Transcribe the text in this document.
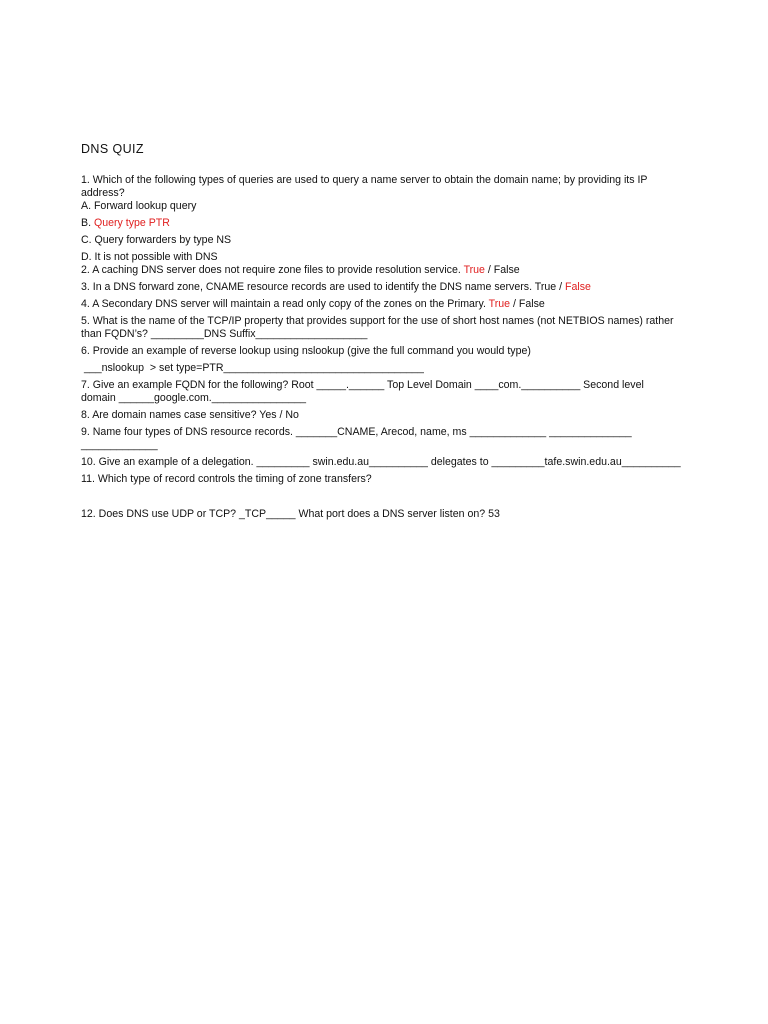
DNS QUIZ
1. Which of the following types of queries are used to query a name server to obtain the domain name; by providing its IP address?
A. Forward lookup query
B. Query type PTR
C. Query forwarders by type NS
D. It is not possible with DNS
2. A caching DNS server does not require zone files to provide resolution service. True / False
3. In a DNS forward zone, CNAME resource records are used to identify the DNS name servers. True / False
4. A Secondary DNS server will maintain a read only copy of the zones on the Primary. True / False
5. What is the name of the TCP/IP property that provides support for the use of short host names (not NETBIOS names) rather than FQDN’s? _________DNS Suffix___________________
6. Provide an example of reverse lookup using nslookup (give the full command you would type)
___nslookup  > set type=PTR__________________________________
7. Give an example FQDN for the following? Root _____.______ Top Level Domain ____com.__________ Second level domain ______google.com.________________
8. Are domain names case sensitive? Yes / No
9. Name four types of DNS resource records. _______CNAME, Arecod, name, ms _____________ ______________ _____________
10. Give an example of a delegation. _________ swin.edu.au__________ delegates to _________tafe.swin.edu.au__________
11. Which type of record controls the timing of zone transfers?
12. Does DNS use UDP or TCP? _TCP_____ What port does a DNS server listen on? 53
